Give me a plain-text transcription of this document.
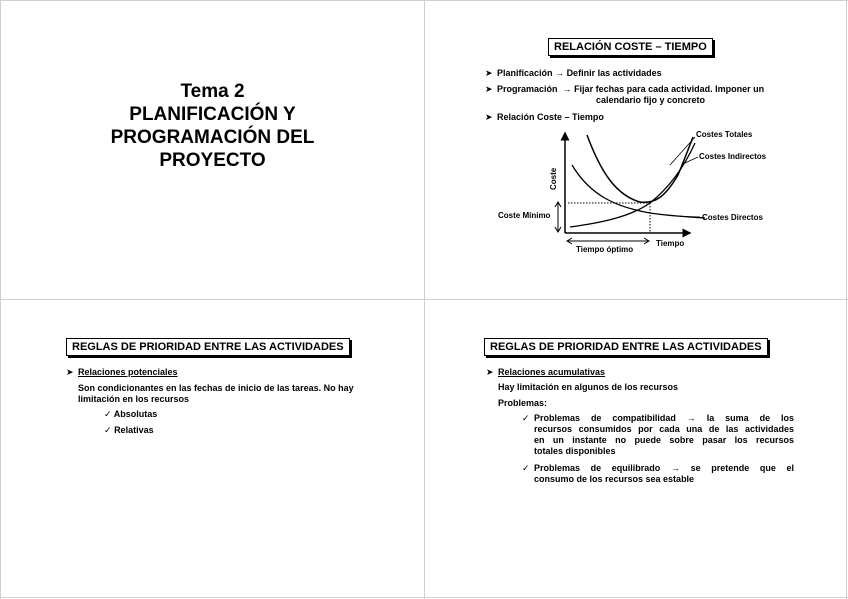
Tema 2
PLANIFICACIÓN Y
PROGRAMACIÓN DEL
PROYECTO
RELACIÓN COSTE – TIEMPO
➤ Planificación → Definir las actividades
➤ Programación → Fijar fechas para cada actividad. Imponer un
calendario fijo y concreto
➤ Relación Coste – Tiempo
Coste
Tiempo
Costes Totales
Costes Indirectos
Costes Directos
Coste Mínimo
Tiempo óptimo
REGLAS DE PRIORIDAD ENTRE LAS ACTIVIDADES
➤ Relaciones potenciales
Son condicionantes en las fechas de inicio de las tareas. No hay
limitación en los recursos
✓ Absolutas
✓ Relativas
REGLAS DE PRIORIDAD ENTRE LAS ACTIVIDADES
➤ Relaciones acumulativas
Hay limitación en algunos de los recursos
Problemas:
✓ Problemas de compatibilidad → la suma de los
recursos consumidos por cada una de las actividades
en un instante no puede sobre pasar los recursos
totales disponibles
✓ Problemas de equilibrado → se pretende que el
consumo de los recursos sea estable
